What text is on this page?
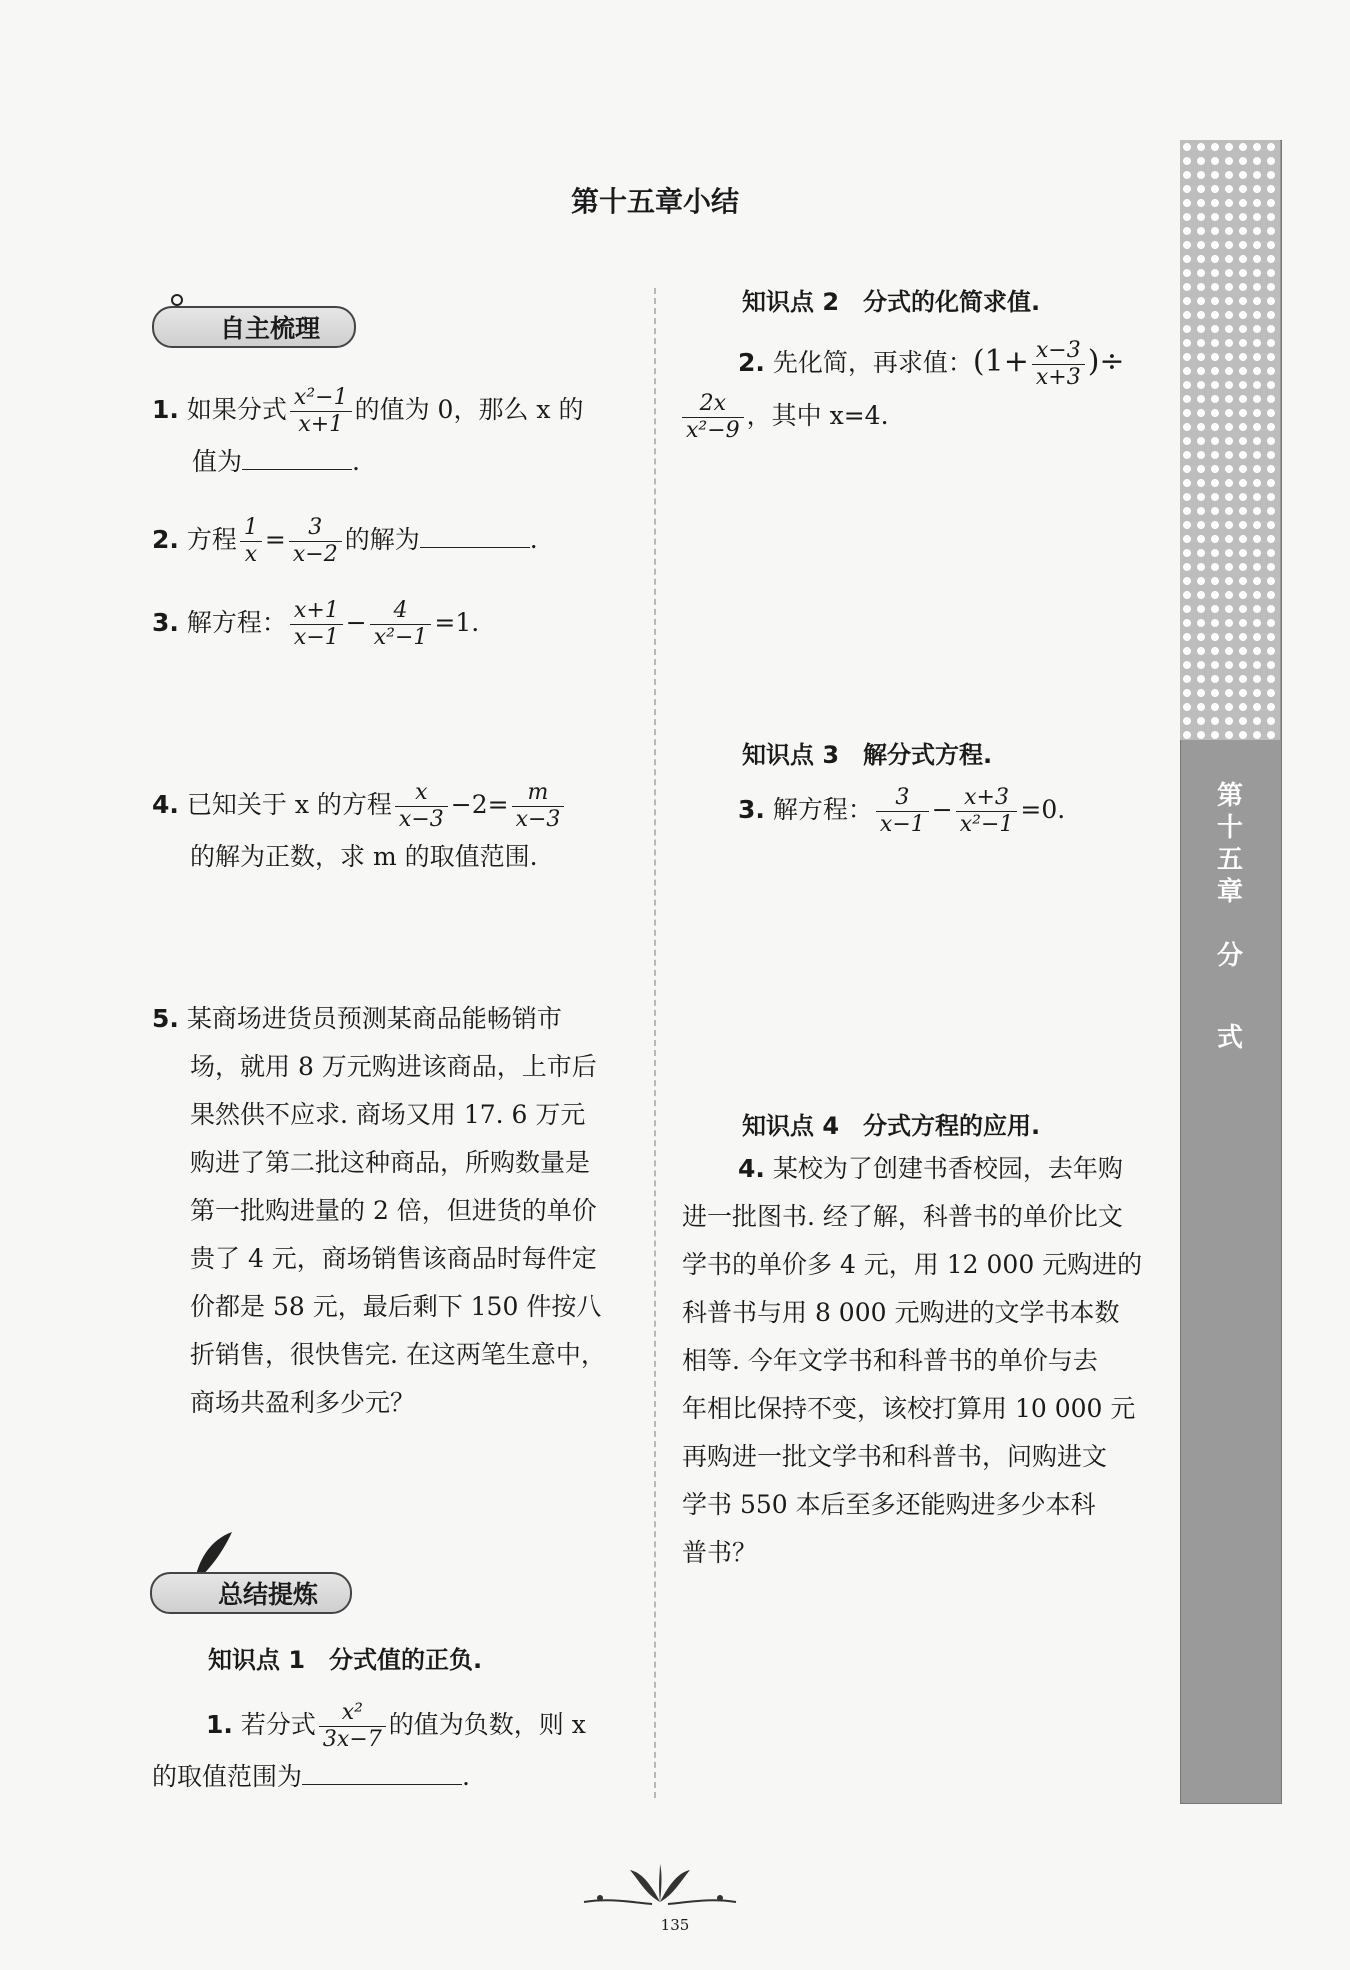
第十五章小结
自主梳理
1. 如果分式 $\frac{\text{x²−1}}{x+1}$ 的值为 0，那么 x 的
值为	.
2. 方程 $\frac{1}{x} = \frac{3}{x-2}$ 的解为	.
3. 解方程： $\frac{x+1}{x-1} - \frac{4}{\text{x²−1}} =1$.
4. 已知关于 x 的方程 $\frac{x}{x-3} -2= \frac{m}{x-3}$

的解为正数，求 m 的取值范围.
5. 某商场进货员预测某商品能畅销市
场，就用 8 万元购进该商品，上市后
果然供不应求. 商场又用 17. 6 万元
购进了第二批这种商品，所购数量是
第一批购进量的 2 倍，但进货的单价
贵了 4 元，商场销售该商品时每件定
价都是 58 元，最后剩下 150 件按八
折销售，很快售完. 在这两笔生意中，
商场共盈利多少元？
总结提炼
知识点 1　分式值的正负.
1. 若分式 $\frac{\text{x²}}{3x-7}$ 的值为负数，则 x
的取值范围为	.
知识点 2　分式的化简求值.
2. 先化简，再求值：($1+ \frac{x-3}{x+3}$ )÷

$\frac{2x}{\text{x²−9}}$ ，其中 x=4.
知识点 3　解分式方程.
3. 解方程： $\frac{3}{x-1} - \frac{x+3}{\text{x²−1}} =0$.
知识点 4　分式方程的应用.
4. 某校为了创建书香校园，去年购
进一批图书. 经了解，科普书的单价比文
学书的单价多 4 元，用 12 000 元购进的
科普书与用 8 000 元购进的文学书本数
相等. 今年文学书和科普书的单价与去
年相比保持不变，该校打算用 10 000 元
再购进一批文学书和科普书，问购进文
学书 550 本后至多还能购进多少本科
普书？
第
十
五
章
分
式
135
